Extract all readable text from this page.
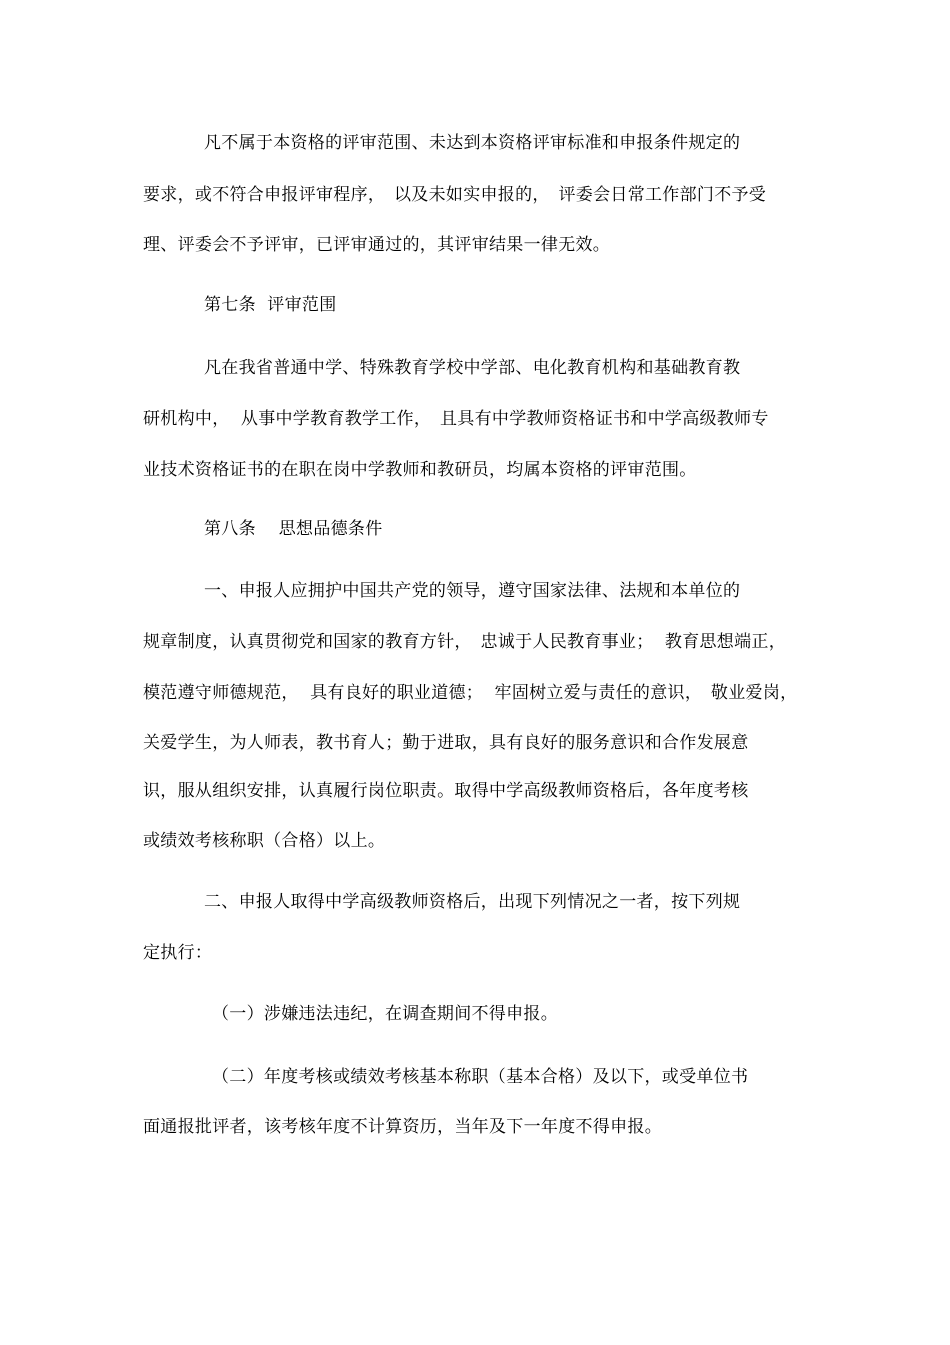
凡不属于本资格的评审范围、未达到本资格评审标准和申报条件规定的
要求，或不符合申报评审程序，　以及未如实申报的，　评委会日常工作部门不予受
理、评委会不予评审，已评审通过的，其评审结果一律无效。
第七条  评审范围
凡在我省普通中学、特殊教育学校中学部、电化教育机构和基础教育教
研机构中，  从事中学教育教学工作，　且具有中学教师资格证书和中学高级教师专
业技术资格证书的在职在岗中学教师和教研员，均属本资格的评审范围。
第八条    思想品德条件
一、申报人应拥护中国共产党的领导，遵守国家法律、法规和本单位的
规章制度，认真贯彻党和国家的教育方针，　忠诚于人民教育事业；  教育思想端正，
模范遵守师德规范，  具有良好的职业道德；  牢固树立爱与责任的意识，　敬业爱岗，
关爱学生，为人师表，教书育人；勤于进取，具有良好的服务意识和合作发展意
识，服从组织安排，认真履行岗位职责。取得中学高级教师资格后，各年度考核
或绩效考核称职（合格）以上。
二、申报人取得中学高级教师资格后，出现下列情况之一者，按下列规
定执行：
（一）涉嫌违法违纪，在调查期间不得申报。
（二）年度考核或绩效考核基本称职（基本合格）及以下，或受单位书
面通报批评者，该考核年度不计算资历，当年及下一年度不得申报。
